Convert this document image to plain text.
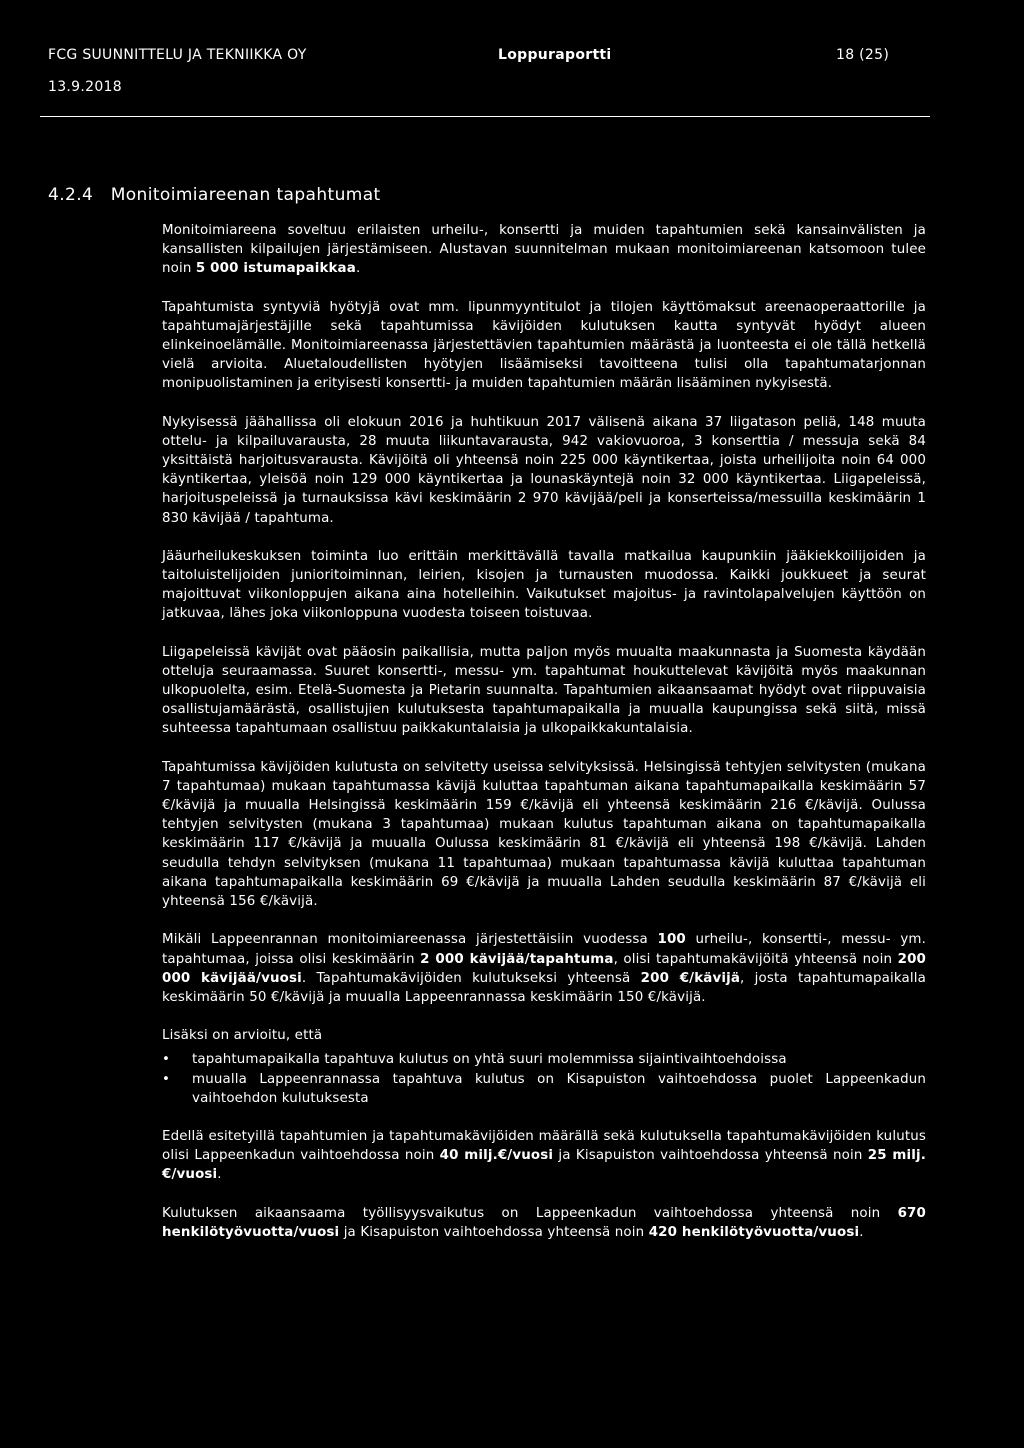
FCG SUUNNITTELU JA TEKNIIKKA OY	Loppuraportti	18 (25)
13.9.2018
4.2.4 Monitoimiareenan tapahtumat

Monitoimiareena soveltuu erilaisten urheilu-, konsertti ja muiden tapahtumien sekä kansainvälisten ja kansallisten kilpailujen järjestämiseen. Alustavan suunnitelman mukaan monitoimiareenan katsomoon tulee noin 5 000 istumapaikkaa.

Tapahtumista syntyviä hyötyjä ovat mm. lipunmyyntitulot ja tilojen käyttömaksut areenaoperaattorille ja tapahtumajärjestäjille sekä tapahtumissa kävijöiden kulutuksen kautta syntyvät hyödyt alueen elinkeinoelämälle. Monitoimiareenassa järjestettävien tapahtumien määrästä ja luonteesta ei ole tällä hetkellä vielä arvioita. Aluetaloudellisten hyötyjen lisäämiseksi tavoitteena tulisi olla tapahtumatarjonnan monipuolistaminen ja erityisesti konsertti- ja muiden tapahtumien määrän lisääminen nykyisestä.

Nykyisessä jäähallissa oli elokuun 2016 ja huhtikuun 2017 välisenä aikana 37 liigatason peliä, 148 muuta ottelu- ja kilpailuvarausta, 28 muuta liikuntavarausta, 942 vakiovuoroa, 3 konserttia / messuja sekä 84 yksittäistä harjoitusvarausta. Kävijöitä oli yhteensä noin 225 000 käyntikertaa, joista urheilijoita noin 64 000 käyntikertaa, yleisöä noin 129 000 käyntikertaa ja lounaskäyntejä noin 32 000 käyntikertaa. Liigapeleissä, harjoituspeleissä ja turnauksissa kävi keskimäärin 2 970 kävijää/peli ja konserteissa/messuilla keskimäärin 1 830 kävijää / tapahtuma.

Jääurheilukeskuksen toiminta luo erittäin merkittävällä tavalla matkailua kaupunkiin jääkiekkoilijoiden ja taitoluistelijoiden junioritoiminnan, leirien, kisojen ja turnausten muodossa. Kaikki joukkueet ja seurat majoittuvat viikonloppujen aikana aina hotelleihin. Vaikutukset majoitus- ja ravintolapalvelujen käyttöön on jatkuvaa, lähes joka viikonloppuna vuodesta toiseen toistuvaa.

Liigapeleissä kävijät ovat pääosin paikallisia, mutta paljon myös muualta maakunnasta ja Suomesta käydään otteluja seuraamassa. Suuret konsertti-, messu- ym. tapahtumat houkuttelevat kävijöitä myös maakunnan ulkopuolelta, esim. Etelä-Suomesta ja Pietarin suunnalta. Tapahtumien aikaansaamat hyödyt ovat riippuvaisia osallistujamäärästä, osallistujien kulutuksesta tapahtumapaikalla ja muualla kaupungissa sekä siitä, missä suhteessa tapahtumaan osallistuu paikkakuntalaisia ja ulkopaikkakuntalaisia.

Tapahtumissa kävijöiden kulutusta on selvitetty useissa selvityksissä. Helsingissä tehtyjen selvitysten (mukana 7 tapahtumaa) mukaan tapahtumassa kävijä kuluttaa tapahtuman aikana tapahtumapaikalla keskimäärin 57 €/kävijä ja muualla Helsingissä keskimäärin 159 €/kävijä eli yhteensä keskimäärin 216 €/kävijä. Oulussa tehtyjen selvitysten (mukana 3 tapahtumaa) mukaan kulutus tapahtuman aikana on tapahtumapaikalla keskimäärin 117 €/kävijä ja muualla Oulussa keskimäärin 81 €/kävijä eli yhteensä 198 €/kävijä. Lahden seudulla tehdyn selvityksen (mukana 11 tapahtumaa) mukaan tapahtumassa kävijä kuluttaa tapahtuman aikana tapahtumapaikalla keskimäärin 69 €/kävijä ja muualla Lahden seudulla keskimäärin 87 €/kävijä eli yhteensä 156 €/kävijä.

Mikäli Lappeenrannan monitoimiareenassa järjestettäisiin vuodessa 100 urheilu-, konsertti-, messu- ym. tapahtumaa, joissa olisi keskimäärin 2 000 kävijää/tapahtuma, olisi tapahtumakävijöitä yhteensä noin 200 000 kävijää/vuosi. Tapahtumakävijöiden kulutukseksi yhteensä 200 €/kävijä, josta tapahtumapaikalla keskimäärin 50 €/kävijä ja muualla Lappeenrannassa keskimäärin 150 €/kävijä.

Lisäksi on arvioitu, että

• tapahtumapaikalla tapahtuva kulutus on yhtä suuri molemmissa sijaintivaihtoehdoissa
• muualla Lappeenrannassa tapahtuva kulutus on Kisapuiston vaihtoehdossa puolet Lappeenkadun vaihtoehdon kulutuksesta

Edellä esitetyillä tapahtumien ja tapahtumakävijöiden määrällä sekä kulutuksella tapahtumakävijöiden kulutus olisi Lappeenkadun vaihtoehdossa noin 40 milj.€/vuosi ja Kisapuiston vaihtoehdossa yhteensä noin 25 milj.€/vuosi.

Kulutuksen aikaansaama työllisyysvaikutus on Lappeenkadun vaihtoehdossa yhteensä noin 670 henkilötyövuotta/vuosi ja Kisapuiston vaihtoehdossa yhteensä noin 420 henkilötyövuotta/vuosi.
